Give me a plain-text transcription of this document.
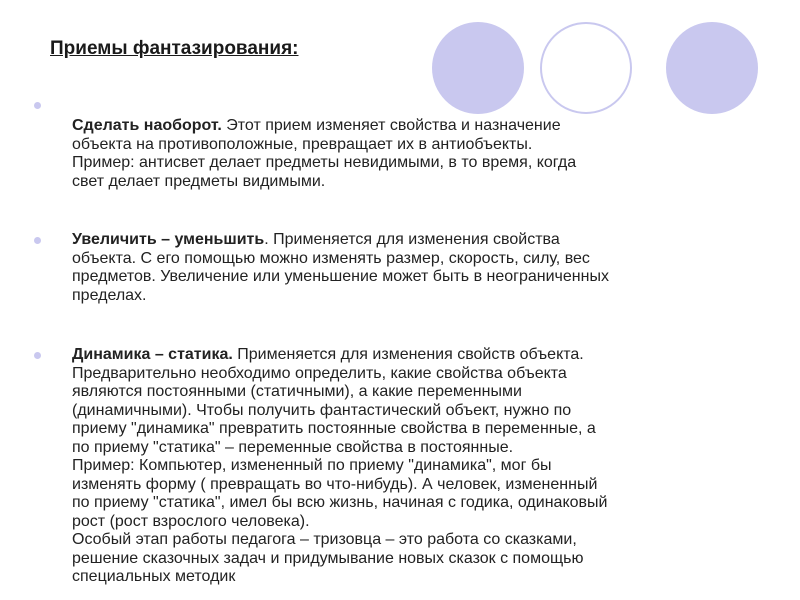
Приемы фантазирования:
Сделать наоборот. Этот прием изменяет свойства и назначение
объекта на противоположные, превращает их в антиобъекты.
Пример: антисвет делает предметы невидимыми, в то время, когда
свет делает предметы видимыми.
Увеличить – уменьшить. Применяется для изменения свойства
объекта. С его помощью можно изменять размер, скорость, силу, вес
предметов. Увеличение или уменьшение может быть в неограниченных
пределах.
Динамика – статика. Применяется для изменения свойств объекта.
Предварительно необходимо определить, какие свойства объекта
являются постоянными (статичными), а какие переменными
(динамичными). Чтобы получить фантастический объект, нужно по
приему "динамика" превратить постоянные свойства в переменные, а
по приему "статика" – переменные свойства в постоянные.
Пример: Компьютер, измененный по приему "динамика", мог бы
изменять форму ( превращать во что-нибудь). А человек, измененный
по приему "статика", имел бы всю жизнь, начиная с годика, одинаковый
рост (рост взрослого человека).
Особый этап работы педагога – тризовца – это работа со сказками,
решение сказочных задач и придумывание новых сказок с помощью
специальных методик
